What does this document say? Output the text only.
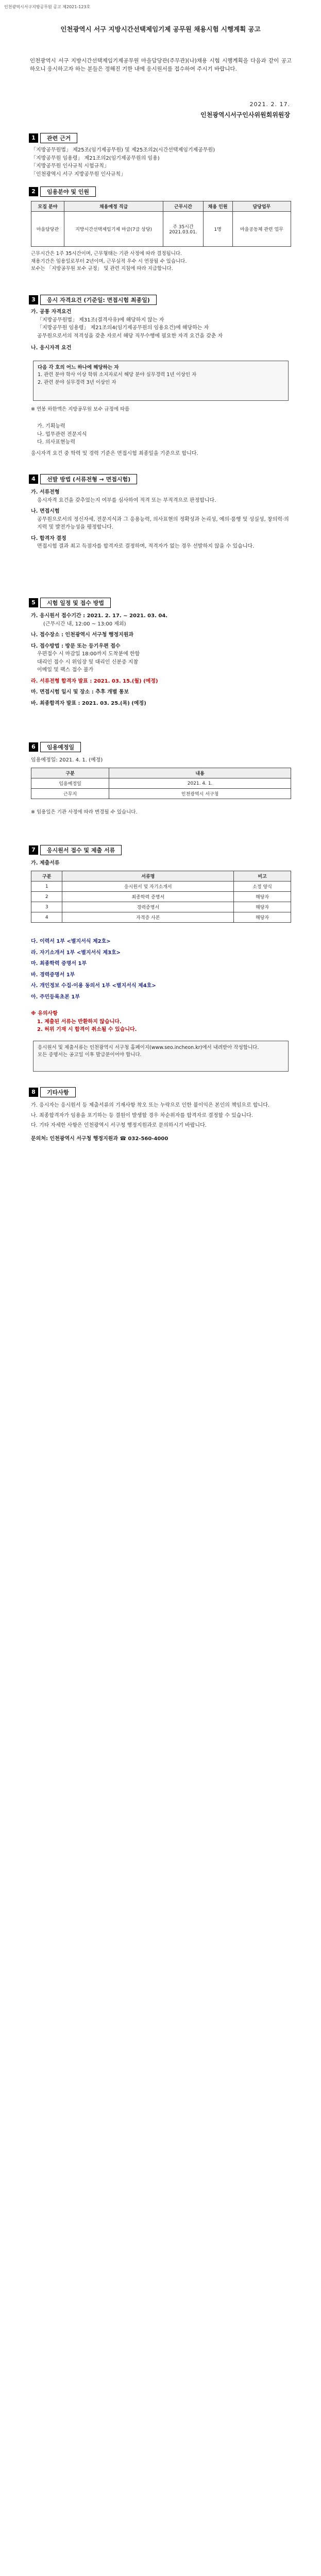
인천광역시서구지방공무원 공고 제2021-123호
인천광역시 서구 지방시간선택제임기제 공무원 채용시험 시행계획 공고
인천광역시 서구 지방시간선택제임기제공무원 마을담당관(주무관)(나)채용 시험 시행계획을 다음과 같이 공고하오니 응시하고자 하는 분들은 정해진 기한 내에 응시원서를 접수하여 주시기 바랍니다.
2021. 2. 17.
인천광역시서구인사위원회위원장
1	관련 근거
「지방공무원법」 제25조(임기제공무원) 및 제25조의2(시간선택제임기제공무원)
「지방공무원 임용령」 제21조의2(임기제공무원의 임용)
「지방공무원 인사규칙 시험규칙」
「인천광역시 서구 지방공무원 인사규칙」
2	임용분야 및 인원
모집 분야	채용예정 직급	근무시간	채용 인원	담당업무
마을담당관	지방시간선택제임기제 마급(7급 상당)	주 35시간
2021.03.01.	1명	마을공동체 관련 업무
근무시간은 1주 35시간이며, 근무형태는 기관 사정에 따라 결정됩니다.
채용기간은 임용일로부터 2년이며, 근무실적 우수 시 연장될 수 있습니다.
보수는 「지방공무원 보수 규정」 및 관련 지침에 따라 지급합니다.
3	응시 자격요건 (기준일: 면접시험 최종일)
가. 공통 자격요건
「지방공무원법」 제31조(결격사유)에 해당하지 않는 자
「지방공무원 임용령」 제21조의4(임기제공무원의 임용요건)에 해당하는 자
공무원으로서의 적격성을 갖춘 자로서 해당 직무수행에 필요한 자격 요건을 갖춘 자
나. 응시자격 요건
다음 각 호의 어느 하나에 해당하는 자
1. 관련 분야 학사 이상 학위 소지자로서 해당 분야 실무경력 1년 이상인 자
2. 관련 분야 실무경력 3년 이상인 자
※ 연봉 하한액은 지방공무원 보수 규정에 따름
가. 기획능력
나. 업무관련 전문지식
다. 의사표현능력
응시자격 요건 중 학력 및 경력 기준은 면접시험 최종일을 기준으로 합니다.
4	선발 방법 (서류전형 → 면접시험)
가. 서류전형
응시자격 요건을 갖추었는지 여부를 심사하여 적격 또는 부적격으로 판정합니다.
나. 면접시험
공무원으로서의 정신자세, 전문지식과 그 응용능력, 의사표현의 정확성과 논리성, 예의·품행 및 성실성, 창의력·의지력 및 발전가능성을 평정합니다.
다. 합격자 결정
면접시험 결과 최고 득점자를 합격자로 결정하며, 적격자가 없는 경우 선발하지 않을 수 있습니다.
5	시험 일정 및 접수 방법
가. 응시원서 접수기간 : 2021. 2. 17. ~ 2021. 03. 04.
(근무시간 내, 12:00 ~ 13:00 제외)
나. 접수장소 : 인천광역시 서구청 행정지원과
다. 접수방법 : 방문 또는 등기우편 접수
우편접수 시 마감일 18:00까지 도착분에 한함
대리인 접수 시 위임장 및 대리인 신분증 지참
이메일 및 팩스 접수 불가
라. 서류전형 합격자 발표 : 2021. 03. 15.(월) (예정)
마. 면접시험 일시 및 장소 : 추후 개별 통보
바. 최종합격자 발표 : 2021. 03. 25.(목) (예정)
6	임용예정일
임용예정일: 2021. 4. 1. (예정)
구분	내용
임용예정일	2021. 4. 1.
근무지	인천광역시 서구청
※ 임용일은 기관 사정에 따라 변경될 수 있습니다.
7	응시원서 접수 및 제출 서류
가. 제출서류
구분	서류명	비고
1	응시원서 및 자기소개서	소정 양식
2	최종학력 증명서	해당자
3	경력증명서	해당자
4	자격증 사본	해당자
다. 이력서 1부 <별지서식 제2호>
라. 자기소개서 1부 <별지서식 제3호>
마. 최종학력 증명서 1부
바. 경력증명서 1부
사. 개인정보 수집·이용 동의서 1부 <별지서식 제4호>
아. 주민등록초본 1부
※ 유의사항
1. 제출된 서류는 반환하지 않습니다.
2. 허위 기재 시 합격이 취소될 수 있습니다.
응시원서 및 제출서류는 인천광역시 서구청 홈페이지(www.seo.incheon.kr)에서 내려받아 작성합니다.
모든 증명서는 공고일 이후 발급분이어야 합니다.
8	기타사항
가. 응시자는 응시원서 등 제출서류의 기재사항 착오 또는 누락으로 인한 불이익은 본인의 책임으로 합니다.
나. 최종합격자가 임용을 포기하는 등 결원이 발생할 경우 차순위자를 합격자로 결정할 수 있습니다.
다. 기타 자세한 사항은 인천광역시 서구청 행정지원과로 문의하시기 바랍니다.
문의처: 인천광역시 서구청 행정지원과 ☎ 032-560-4000
